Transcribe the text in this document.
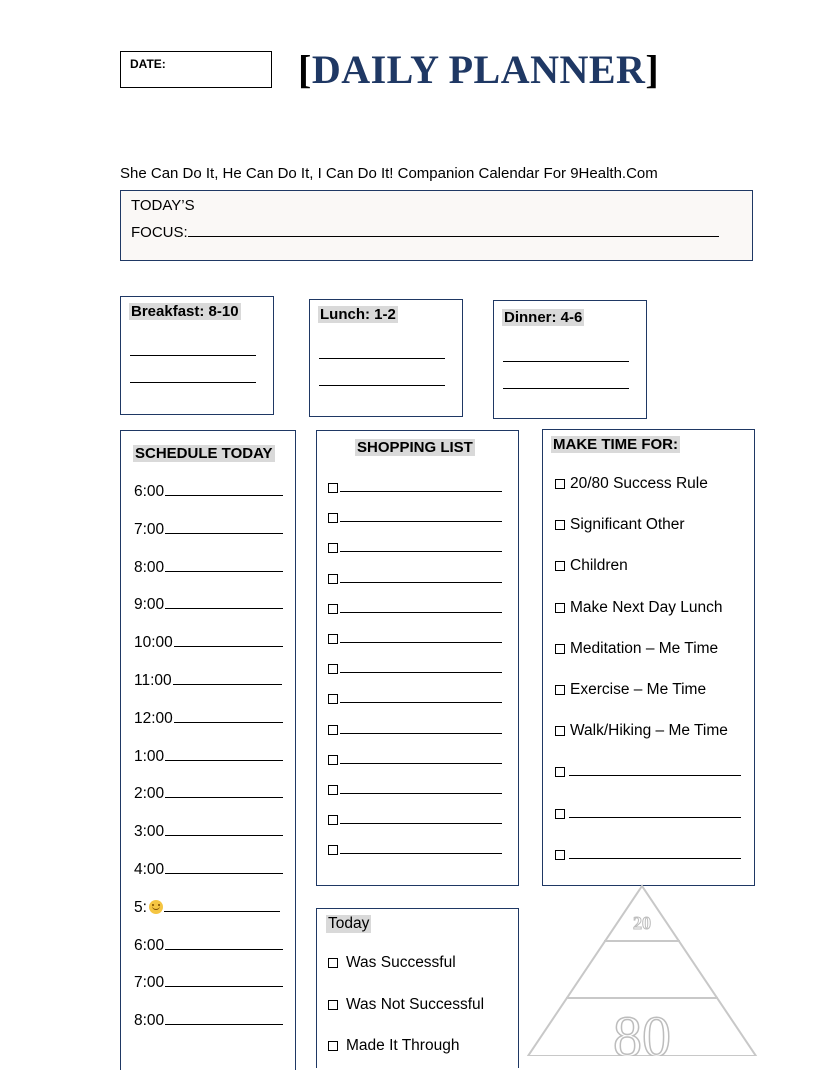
DATE:	[DAILY PLANNER]
She Can Do It, He Can Do It, I Can Do It! Companion Calendar For 9Health.Com
TODAY’S
FOCUS:
Breakfast: 8-10	Lunch: 1-2	Dinner: 4-6
SCHEDULE TODAY
6:00
7:00
8:00
9:00
10:00
11:00
12:00
1:00
2:00
3:00
4:00
5:
6:00
7:00
8:00
SHOPPING LIST	MAKE TIME FOR:
20/80 Success Rule
Significant Other
Children
Make Next Day Lunch
Meditation – Me Time
Exercise – Me Time
Walk/Hiking – Me Time
Today
Was Successful
Was Not Successful
Made It Through
20
80
